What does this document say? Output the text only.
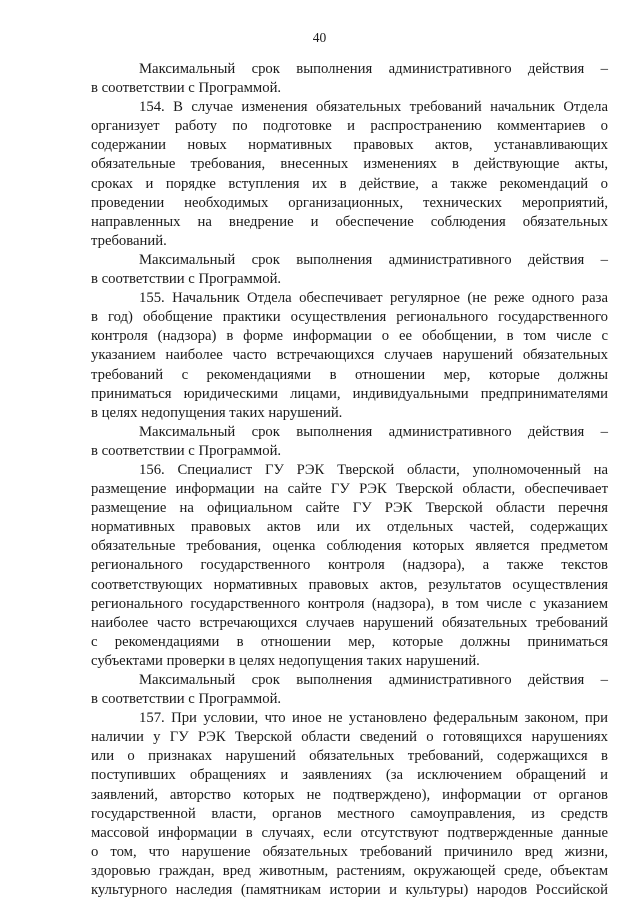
40

Максимальный срок выполнения административного действия –
в соответствии с Программой.

154. В случае изменения обязательных требований начальник Отдела
организует работу по подготовке и распространению комментариев о
содержании новых нормативных правовых актов, устанавливающих
обязательные требования, внесенных изменениях в действующие акты,
сроках и порядке вступления их в действие, а также рекомендаций о
проведении необходимых организационных, технических мероприятий,
направленных на внедрение и обеспечение соблюдения обязательных
требований.

Максимальный срок выполнения административного действия –
в соответствии с Программой.

155. Начальник Отдела обеспечивает регулярное (не реже одного раза
в год) обобщение практики осуществления регионального государственного
контроля (надзора) в форме информации о ее обобщении, в том числе с
указанием наиболее часто встречающихся случаев нарушений обязательных
требований с рекомендациями в отношении мер, которые должны
приниматься юридическими лицами, индивидуальными предпринимателями
в целях недопущения таких нарушений.

Максимальный срок выполнения административного действия –
в соответствии с Программой.

156. Специалист ГУ РЭК Тверской области, уполномоченный на
размещение информации на сайте ГУ РЭК Тверской области, обеспечивает
размещение на официальном сайте ГУ РЭК Тверской области перечня
нормативных правовых актов или их отдельных частей, содержащих
обязательные требования, оценка соблюдения которых является предметом
регионального государственного контроля (надзора), а также текстов
соответствующих нормативных правовых актов, результатов осуществления
регионального государственного контроля (надзора), в том числе с указанием
наиболее часто встречающихся случаев нарушений обязательных требований
с рекомендациями в отношении мер, которые должны приниматься
субъектами проверки в целях недопущения таких нарушений.

Максимальный срок выполнения административного действия –
в соответствии с Программой.

157. При условии, что иное не установлено федеральным законом, при
наличии у ГУ РЭК Тверской области сведений о готовящихся нарушениях
или о признаках нарушений обязательных требований, содержащихся в
поступивших обращениях и заявлениях (за исключением обращений и
заявлений, авторство которых не подтверждено), информации от органов
государственной власти, органов местного самоуправления, из средств
массовой информации в случаях, если отсутствуют подтвержденные данные
о том, что нарушение обязательных требований причинило вред жизни,
здоровью граждан, вред животным, растениям, окружающей среде, объектам
культурного наследия (памятникам истории и культуры) народов Российской
